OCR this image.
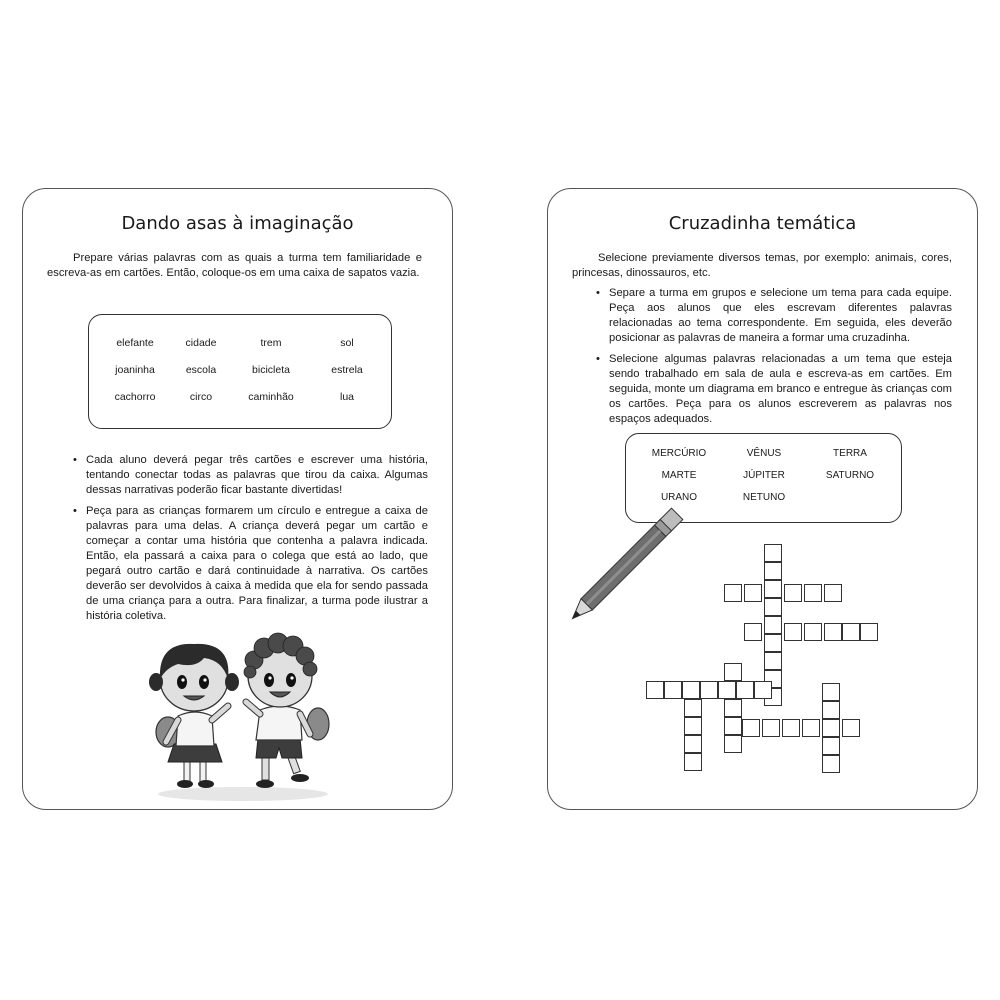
Dando asas à imaginação

Prepare várias palavras com as quais a turma tem familiaridade e escreva-as em cartões. Então, coloque-os em uma caixa de sapatos vazia.

elefante	cidade	trem	sol
joaninha	escola	bicicleta	estrela
cachorro	circo	caminhão	lua
• Cada aluno deverá pegar três cartões e escrever uma história, tentando conectar todas as palavras que tirou da caixa. Algumas dessas narrativas poderão ficar bastante divertidas!
• Peça para as crianças formarem um círculo e entregue a caixa de palavras para uma delas. A criança deverá pegar um cartão e começar a contar uma história que contenha a palavra indicada. Então, ela passará a caixa para o colega que está ao lado, que pegará outro cartão e dará continuidade à narrativa. Os cartões deverão ser devolvidos à caixa à medida que ela for sendo passada de uma criança para a outra. Para finalizar, a turma pode ilustrar a história coletiva.
Cruzadinha temática

Selecione previamente diversos temas, por exemplo: animais, cores, princesas, dinossauros, etc.

• Separe a turma em grupos e selecione um tema para cada equipe. Peça aos alunos que eles escrevam diferentes palavras relacionadas ao tema correspondente. Em seguida, eles deverão posicionar as palavras de maneira a formar uma cruzadinha.
• Selecione algumas palavras relacionadas a um tema que esteja sendo trabalhado em sala de aula e escreva-as em cartões. Em seguida, monte um diagrama em branco e entregue às crianças com os cartões. Peça para os alunos escreverem as palavras nos espaços adequados.
MERCÚRIO	VÊNUS	TERRA
MARTE	JÚPITER	SATURNO
URANO	NETUNO
